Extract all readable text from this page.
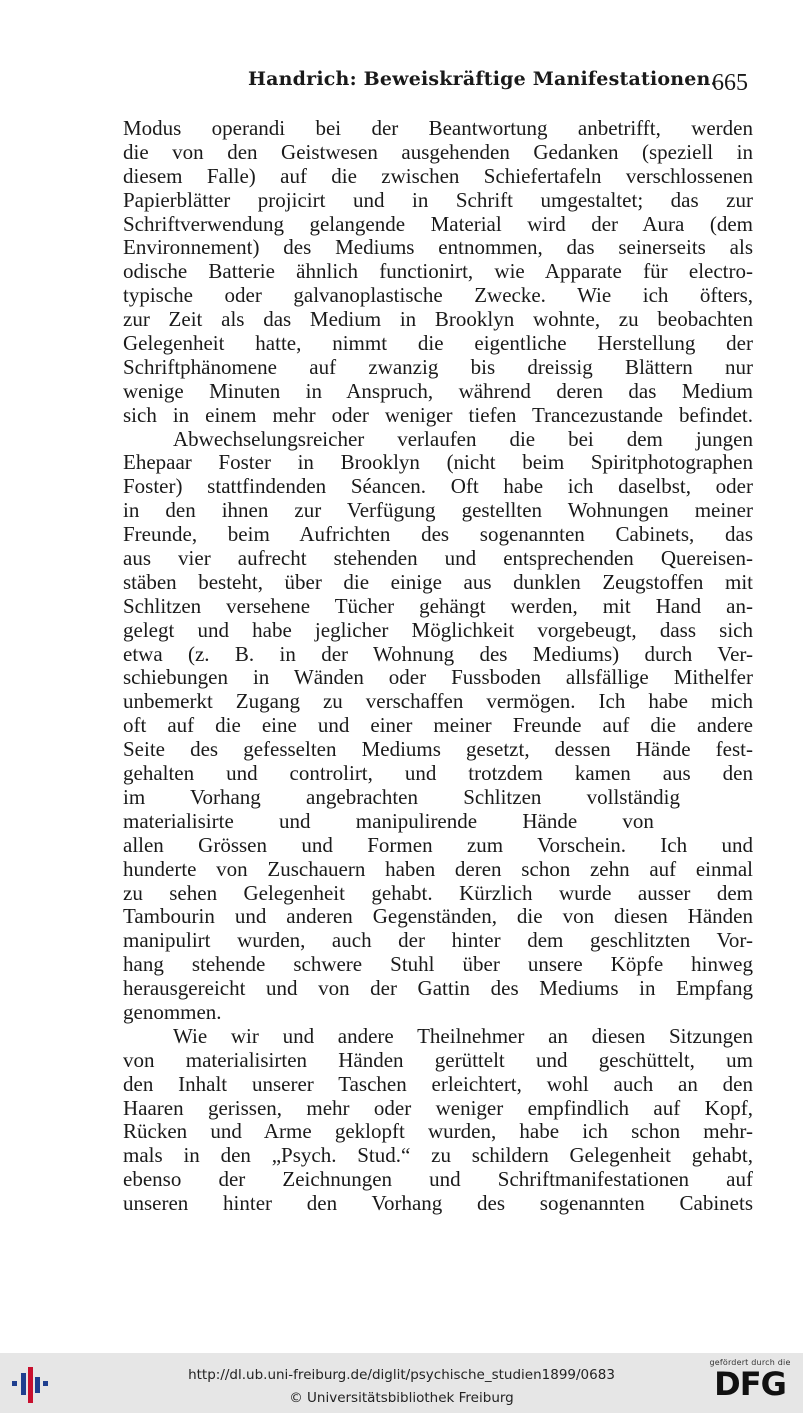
Handrich: Beweiskräftige Manifestationen.
665
Modus operandi bei der Beantwortung anbetrifft, werden
die von den Geistwesen ausgehenden Gedanken (speziell in
diesem Falle) auf die zwischen Schiefertafeln verschlossenen
Papierblätter projicirt und in Schrift umgestaltet; das zur
Schriftverwendung gelangende Material wird der Aura (dem
Environnement) des Mediums entnommen, das seinerseits als
odische Batterie ähnlich functionirt, wie Apparate für electro-
typische oder galvanoplastische Zwecke. Wie ich öfters,
zur Zeit als das Medium in Brooklyn wohnte, zu beobachten
Gelegenheit hatte, nimmt die eigentliche Herstellung der
Schriftphänomene auf zwanzig bis dreissig Blättern nur
wenige Minuten in Anspruch, während deren das Medium
sich in einem mehr oder weniger tiefen Trancezustande befindet.
Abwechselungsreicher verlaufen die bei dem jungen
Ehepaar Foster in Brooklyn (nicht beim Spiritphotographen
Foster) stattfindenden Séancen. Oft habe ich daselbst, oder
in den ihnen zur Verfügung gestellten Wohnungen meiner
Freunde, beim Aufrichten des sogenannten Cabinets, das
aus vier aufrecht stehenden und entsprechenden Quereisen-
stäben besteht, über die einige aus dunklen Zeugstoffen mit
Schlitzen versehene Tücher gehängt werden, mit Hand an-
gelegt und habe jeglicher Möglichkeit vorgebeugt, dass sich
etwa (z. B. in der Wohnung des Mediums) durch Ver-
schiebungen in Wänden oder Fussboden allsfällige Mithelfer
unbemerkt Zugang zu verschaffen vermögen. Ich habe mich
oft auf die eine und einer meiner Freunde auf die andere
Seite des gefesselten Mediums gesetzt, dessen Hände fest-
gehalten und controlirt, und trotzdem kamen aus den
im Vorhang angebrachten Schlitzen vollständig
materialisirte und manipulirende Hände von
allen Grössen und Formen zum Vorschein. Ich und
hunderte von Zuschauern haben deren schon zehn auf einmal
zu sehen Gelegenheit gehabt. Kürzlich wurde ausser dem
Tambourin und anderen Gegenständen, die von diesen Händen
manipulirt wurden, auch der hinter dem geschlitzten Vor-
hang stehende schwere Stuhl über unsere Köpfe hinweg
herausgereicht und von der Gattin des Mediums in Empfang
genommen.
Wie wir und andere Theilnehmer an diesen Sitzungen
von materialisirten Händen gerüttelt und geschüttelt, um
den Inhalt unserer Taschen erleichtert, wohl auch an den
Haaren gerissen, mehr oder weniger empfindlich auf Kopf,
Rücken und Arme geklopft wurden, habe ich schon mehr-
mals in den „Psych. Stud.“ zu schildern Gelegenheit gehabt,
ebenso der Zeichnungen und Schriftmanifestationen auf
unseren hinter den Vorhang des sogenannten Cabinets
http://dl.ub.uni-freiburg.de/diglit/psychische_studien1899/0683
© Universitätsbibliothek Freiburg
gefördert durch die
DFG
